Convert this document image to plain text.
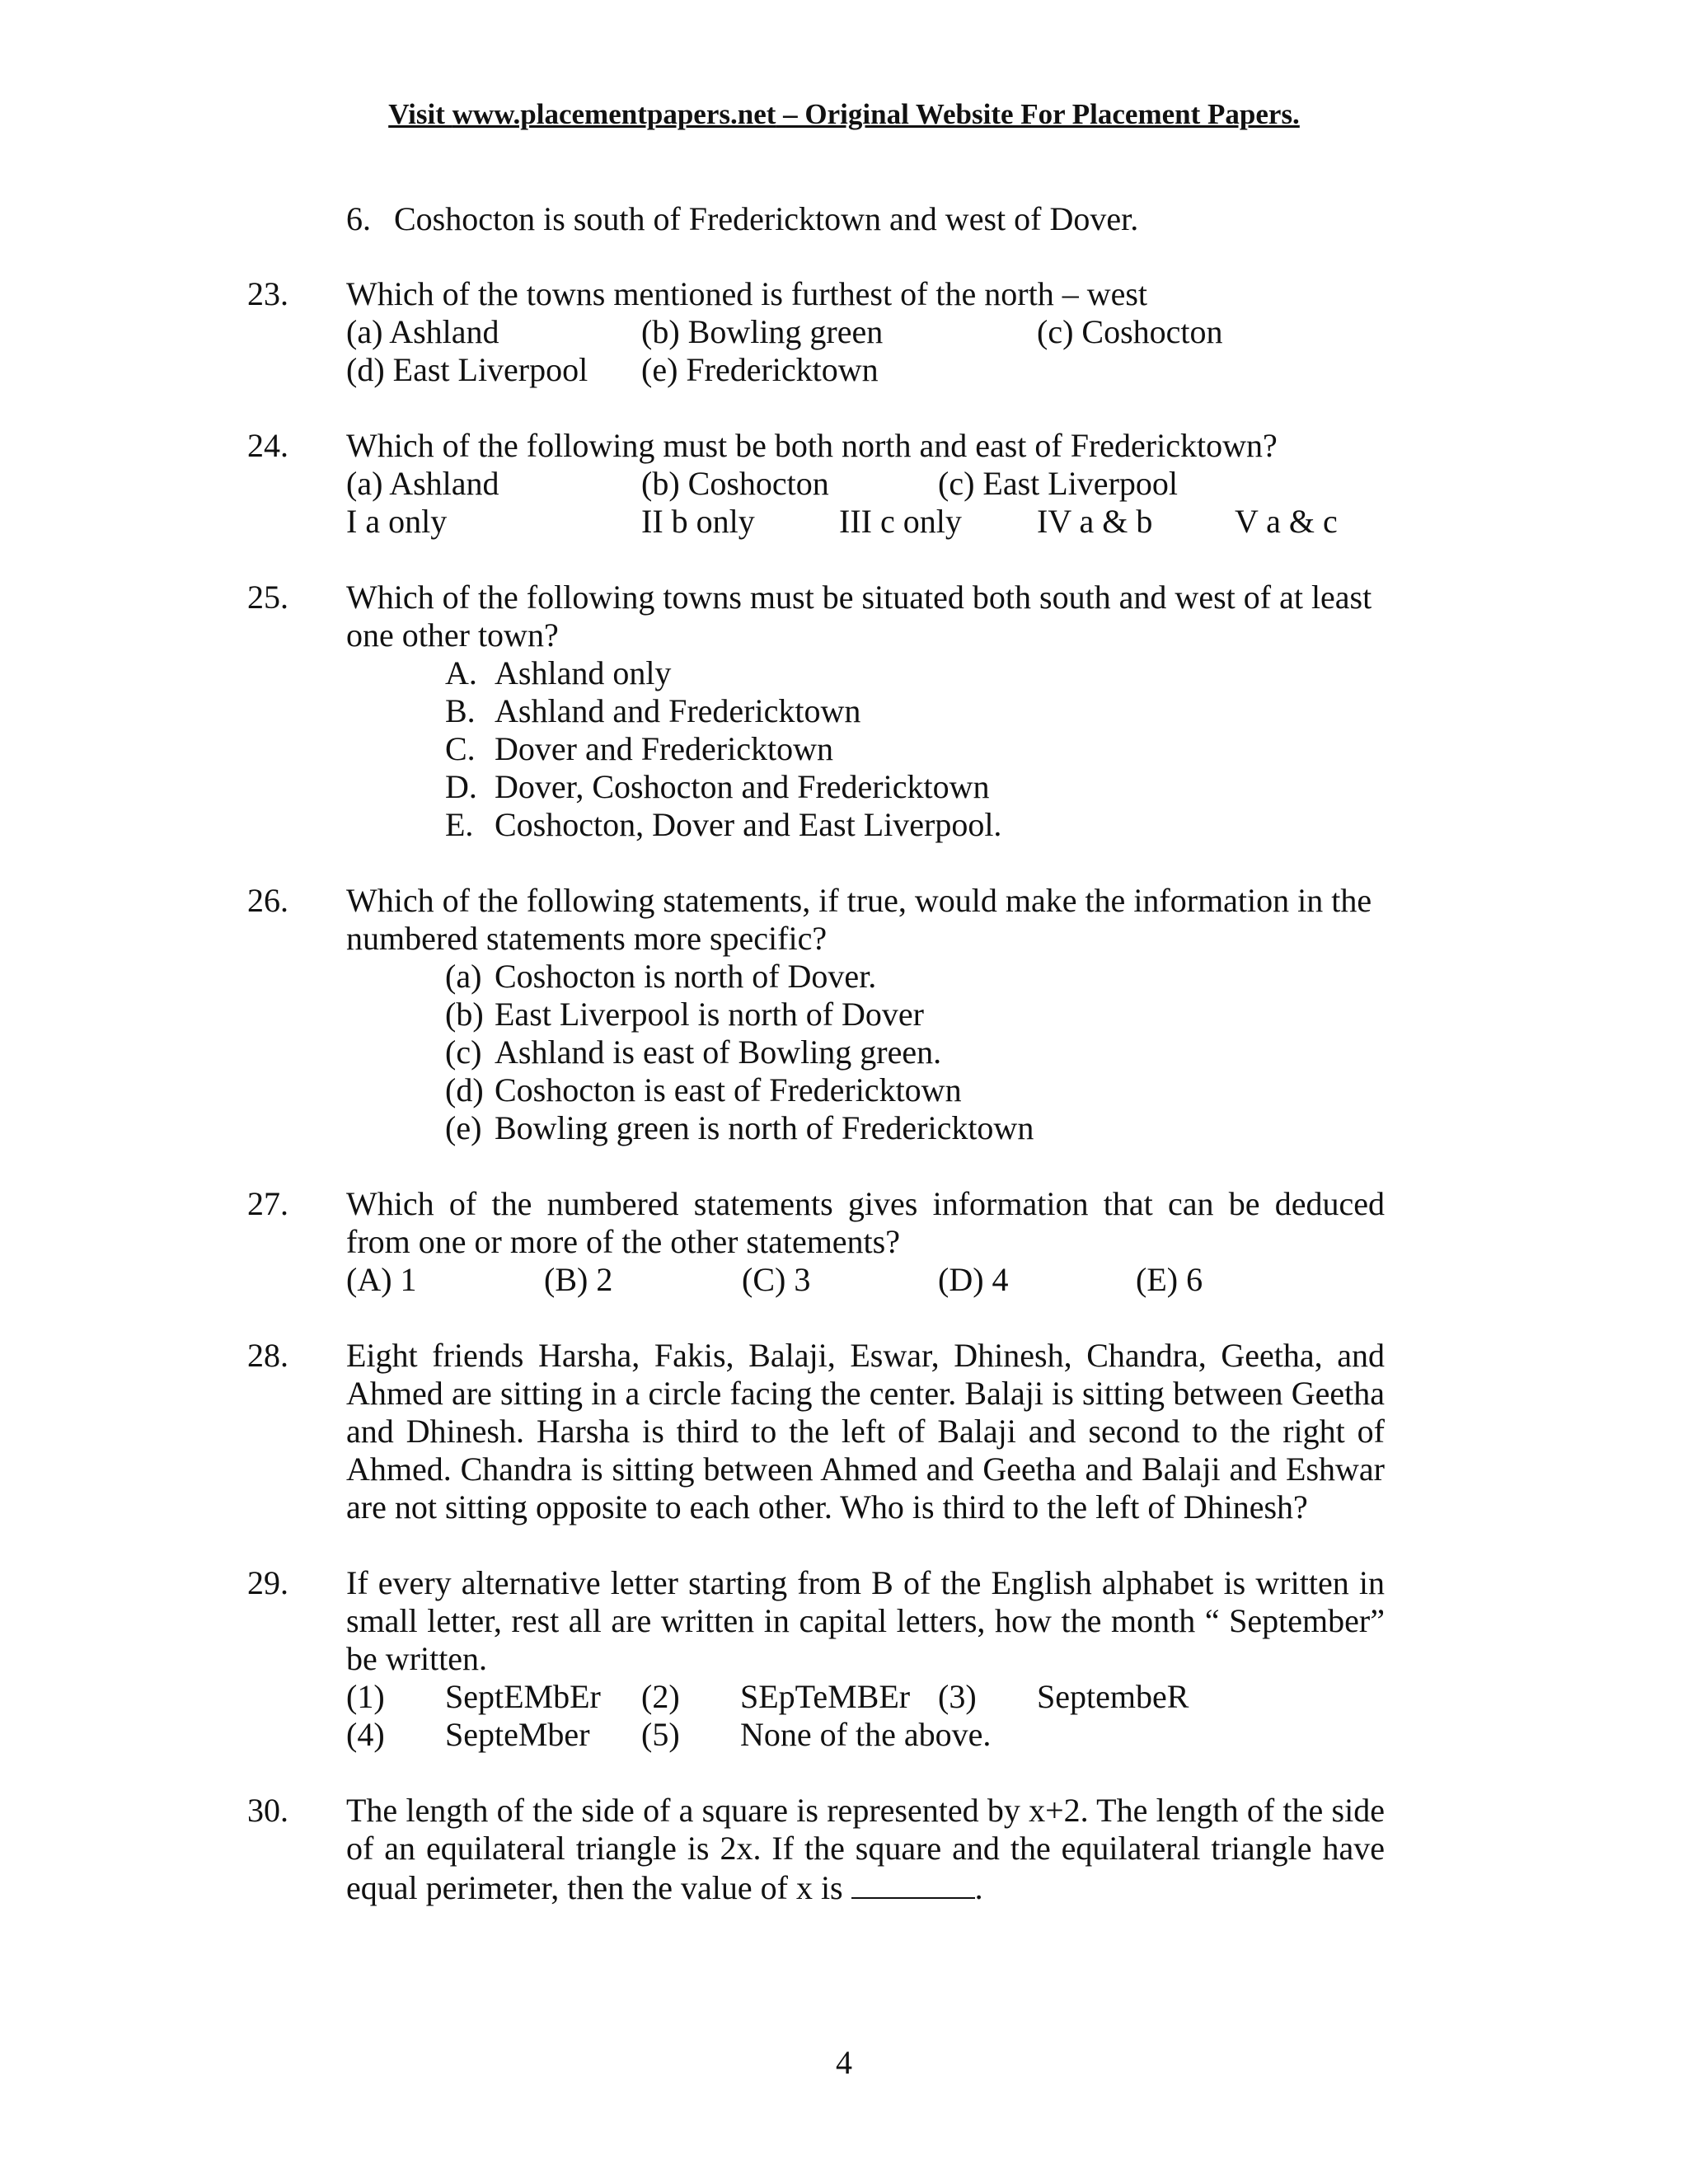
Visit www.placementpapers.net – Original Website For Placement Papers.
6. Coshocton is south of Fredericktown and west of Dover.
23. Which of the towns mentioned is furthest of the north – west
(a) Ashland	(b) Bowling green	(c) Coshocton
(d) East Liverpool (e) Fredericktown
24. Which of the following must be both north and east of Fredericktown?
(a) Ashland	(b) Coshocton	(c) East Liverpool
I a only	II b only	III c only IV a & b V a & c
25. Which of the following towns must be situated both south and west of at least
one other town?
A. Ashland only
B. Ashland and Fredericktown
C. Dover and Fredericktown
D. Dover, Coshocton and Fredericktown
E. Coshocton, Dover and East Liverpool.
26. Which of the following statements, if true, would make the information in the
numbered statements more specific?
(a) Coshocton is north of Dover.
(b) East Liverpool is north of Dover
(c) Ashland is east of Bowling green.
(d) Coshocton is east of Fredericktown
(e) Bowling green is north of Fredericktown
27. Which of the numbered statements gives information that can be deduced
from one or more of the other statements?
(A) 1	(B) 2	(C) 3	(D) 4	(E) 6
28. Eight friends Harsha, Fakis, Balaji, Eswar, Dhinesh, Chandra, Geetha, and
Ahmed are sitting in a circle facing the center. Balaji is sitting between Geetha
and Dhinesh. Harsha is third to the left of Balaji and second to the right of
Ahmed. Chandra is sitting between Ahmed and Geetha and Balaji and Eshwar
are not sitting opposite to each other. Who is third to the left of Dhinesh?
29. If every alternative letter starting from B of the English alphabet is written in
small letter, rest all are written in capital letters, how the month “ September”
be written.
(1) SeptEMbEr (2) SEpTeMBEr (3) SeptembeR
(4) SepteMber (5) None of the above.
30. The length of the side of a square is represented by x+2. The length of the side
of an equilateral triangle is 2x. If the square and the equilateral triangle have
equal perimeter, then the value of x is	.
4
